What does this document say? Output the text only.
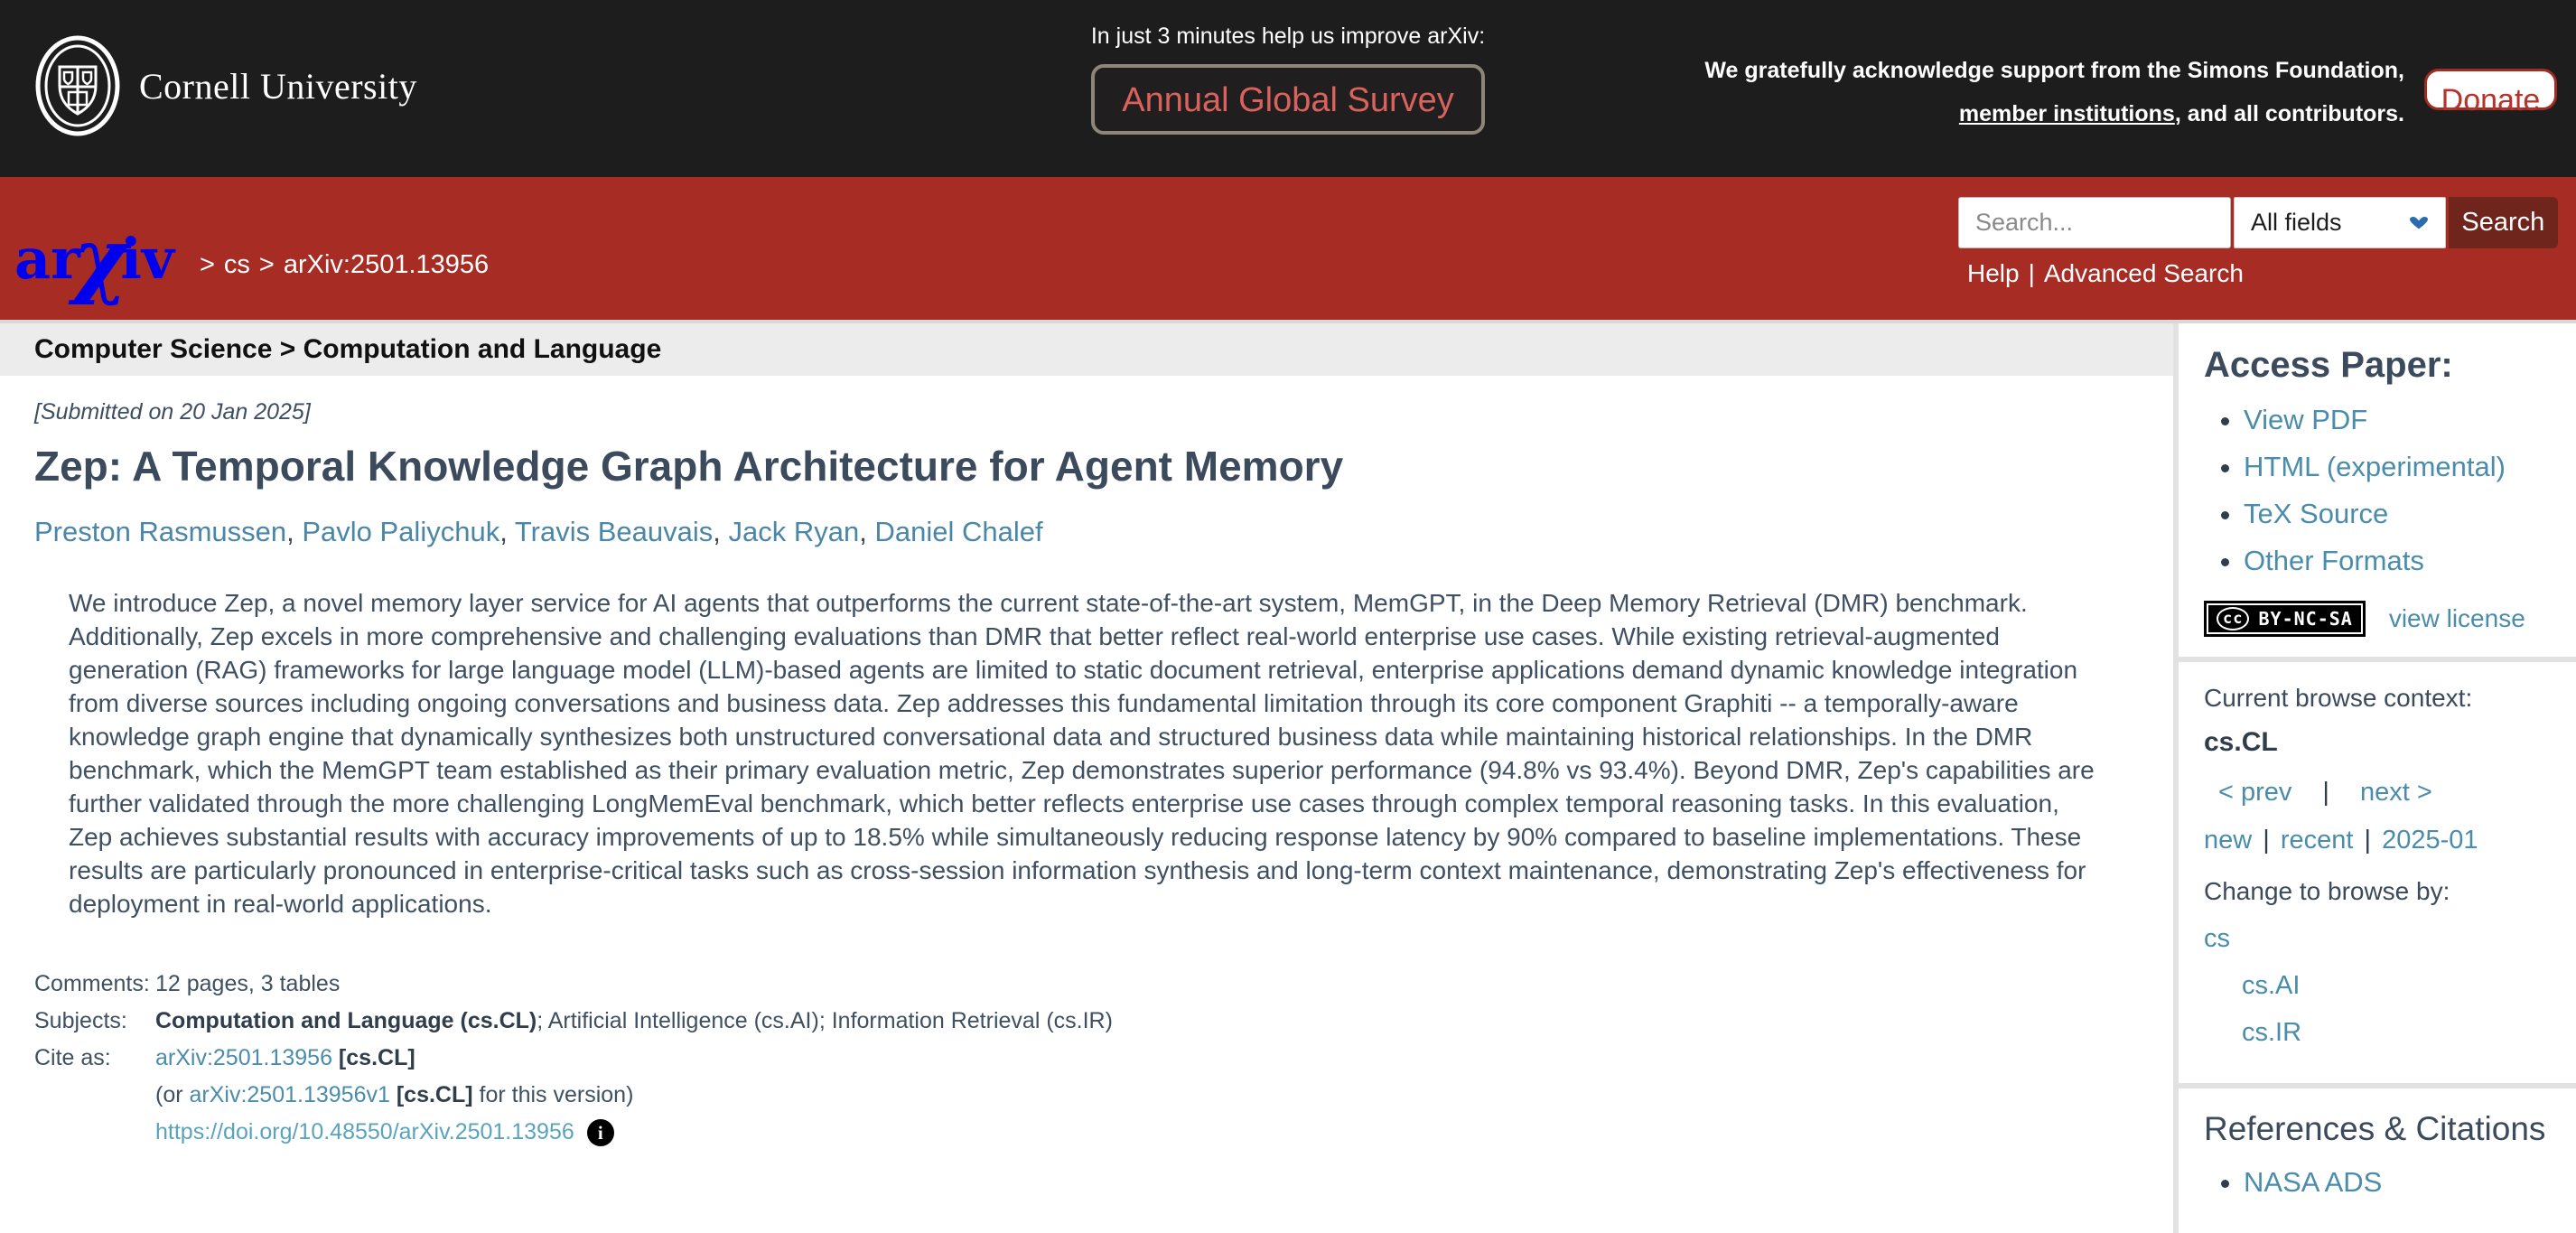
Cornell University
In just 3 minutes help us improve arXiv:
Annual Global Survey
We gratefully acknowledge support from the Simons Foundation,
member institutions, and all contributors.	Donate
arχiv > cs > arXiv:2501.13956
Search...
All fields	Search
Help | Advanced Search
Computer Science > Computation and Language
[Submitted on 20 Jan 2025]
Zep: A Temporal Knowledge Graph Architecture for Agent Memory
Preston Rasmussen, Pavlo Paliychuk, Travis Beauvais, Jack Ryan, Daniel Chalef

We introduce Zep, a novel memory layer service for AI agents that outperforms the current state-of-the-art system, MemGPT, in the Deep Memory Retrieval (DMR) benchmark. Additionally, Zep excels in more comprehensive and challenging evaluations than DMR that better reflect real-world enterprise use cases. While existing retrieval-augmented generation (RAG) frameworks for large language model (LLM)-based agents are limited to static document retrieval, enterprise applications demand dynamic knowledge integration from diverse sources including ongoing conversations and business data. Zep addresses this fundamental limitation through its core component Graphiti -- a temporally-aware knowledge graph engine that dynamically synthesizes both unstructured conversational data and structured business data while maintaining historical relationships. In the DMR benchmark, which the MemGPT team established as their primary evaluation metric, Zep demonstrates superior performance (94.8% vs 93.4%). Beyond DMR, Zep's capabilities are further validated through the more challenging LongMemEval benchmark, which better reflects enterprise use cases through complex temporal reasoning tasks. In this evaluation, Zep achieves substantial results with accuracy improvements of up to 18.5% while simultaneously reducing response latency by 90% compared to baseline implementations. These results are particularly pronounced in enterprise-critical tasks such as cross-session information synthesis and long-term context maintenance, demonstrating Zep's effectiveness for deployment in real-world applications.

Comments:	12 pages, 3 tables
Subjects:	Computation and Language (cs.CL); Artificial Intelligence (cs.AI); Information Retrieval (cs.IR)
Cite as:	arXiv:2501.13956 [cs.CL]
	(or arXiv:2501.13956v1 [cs.CL] for this version)
	https://doi.org/10.48550/arXiv.2501.13956 i
Access Paper:
• View PDF
• HTML (experimental)
• TeX Source
• Other Formats
cc BY-NC-SA view license
Current browse context:
cs.CL
< prev | next >
new | recent | 2025-01
Change to browse by:
cs
cs.AI
cs.IR
References & Citations
• NASA ADS
